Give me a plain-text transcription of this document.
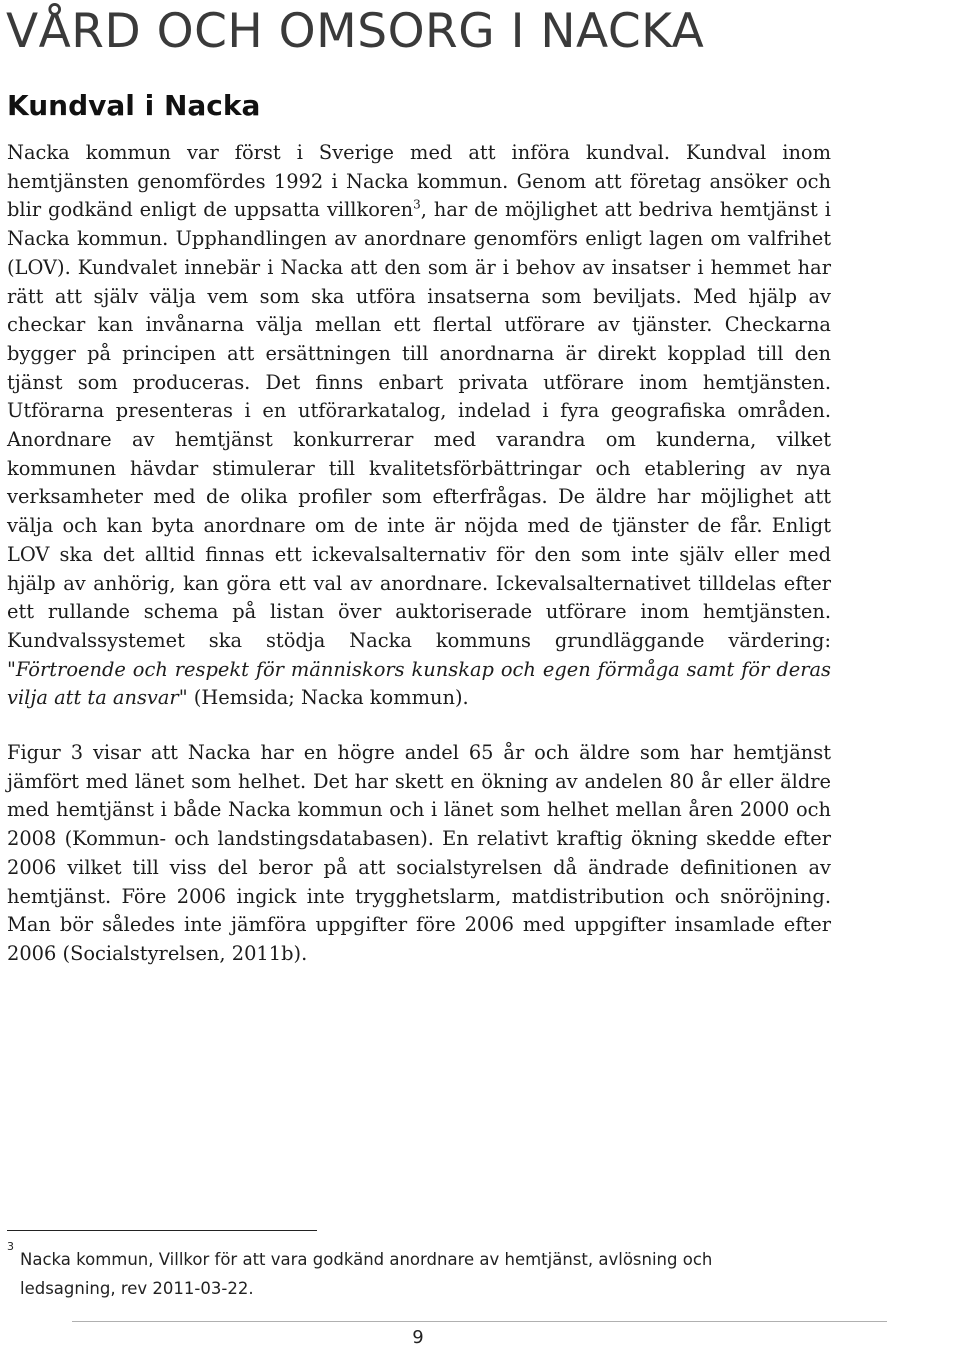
VÅRD OCH OMSORG I NACKA
Kundval i Nacka

Nacka kommun var först i Sverige med att införa kundval. Kundval inom hemtjänsten genomfördes 1992 i Nacka kommun. Genom att företag ansöker och blir godkänd enligt de uppsatta villkoren$^3$, har de möjlighet att bedriva hemtjänst i Nacka kommun. Upphandlingen av anordnare genomförs enligt lagen om valfrihet (LOV). Kundvalet innebär i Nacka att den som är i behov av insatser i hemmet har rätt att själv välja vem som ska utföra insatserna som beviljats. Med hjälp av checkar kan invånarna välja mellan ett flertal utförare av tjänster. Checkarna bygger på principen att ersättningen till anordnarna är direkt kopplad till den tjänst som produceras. Det finns enbart privata utförare inom hemtjänsten. Utförarna presenteras i en utförarkatalog, indelad i fyra geografiska områden. Anordnare av hemtjänst konkurrerar med varandra om kunderna, vilket kommunen hävdar stimulerar till kvalitetsförbättringar och etablering av nya verksamheter med de olika profiler som efterfrågas. De äldre har möjlighet att välja och kan byta anordnare om de inte är nöjda med de tjänster de får. Enligt LOV ska det alltid finnas ett ickevalsalternativ för den som inte själv eller med hjälp av anhörig, kan göra ett val av anordnare. Ickevalsalternativet tilldelas efter ett rullande schema på listan över auktoriserade utförare inom hemtjänsten. Kundvalssystemet ska stödja Nacka kommuns grundläggande värdering: "Förtroende och respekt för människors kunskap och egen förmåga samt för deras vilja att ta ansvar" (Hemsida; Nacka kommun).

Figur 3 visar att Nacka har en högre andel 65 år och äldre som har hemtjänst jämfört med länet som helhet. Det har skett en ökning av andelen 80 år eller äldre med hemtjänst i både Nacka kommun och i länet som helhet mellan åren 2000 och 2008 (Kommun- och landstingsdatabasen). En relativt kraftig ökning skedde efter 2006 vilket till viss del beror på att socialstyrelsen då ändrade definitionen av hemtjänst. Före 2006 ingick inte trygghetslarm, matdistribution och snöröjning. Man bör således inte jämföra uppgifter före 2006 med uppgifter insamlade efter 2006 (Socialstyrelsen, 2011b).

3

Nacka kommun, Villkor för att vara godkänd anordnare av hemtjänst, avlösning och ledsagning, rev 2011-03-22.

9
